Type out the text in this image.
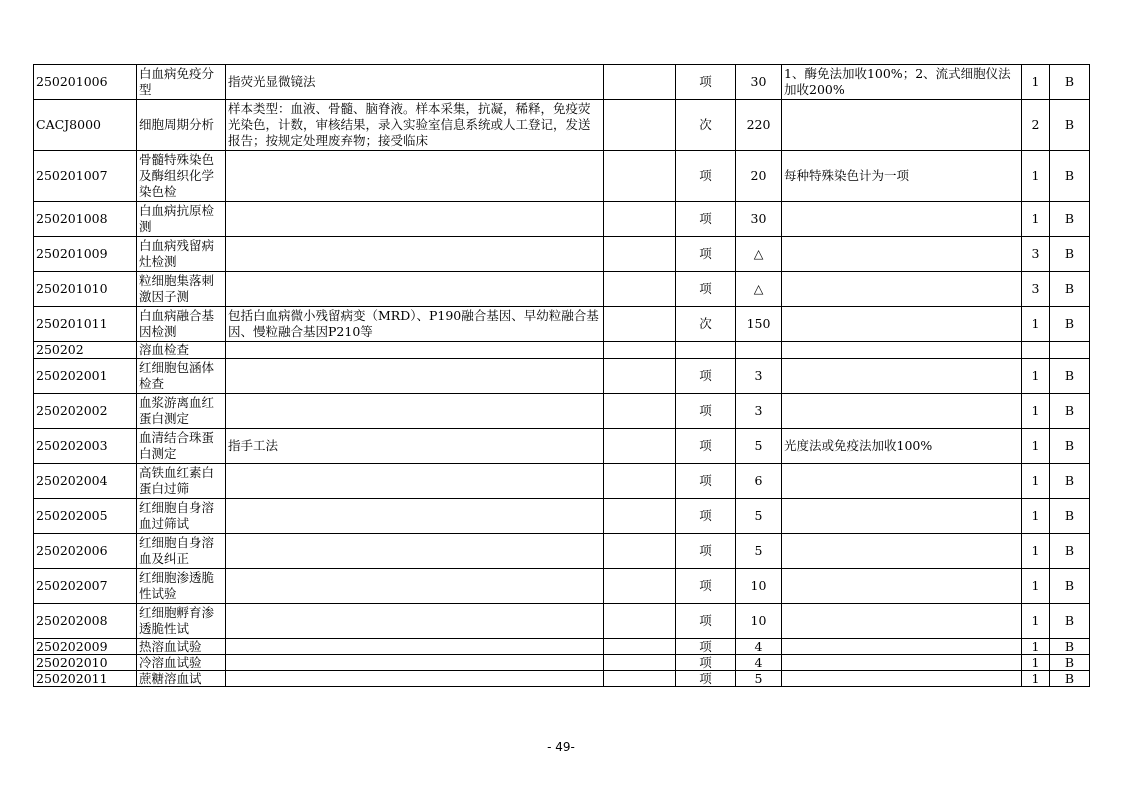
250201006	白血病免疫分型	指荧光显微镜法		项	30	1、酶免法加收100%；2、流式细胞仪法加收200%	1	B
CACJ8000	细胞周期分析	样本类型：血液、骨髓、脑脊液。样本采集，抗凝，稀释，免疫荧光染色，计数，审核结果，录入实验室信息系统或人工登记，发送报告；按规定处理废弃物；接受临床		次	220		2	B
250201007	骨髓特殊染色及酶组织化学染色检			项	20	每种特殊染色计为一项	1	B
250201008	白血病抗原检测			项	30		1	B
250201009	白血病残留病灶检测			项	△		3	B
250201010	粒细胞集落刺激因子测			项	△		3	B
250201011	白血病融合基因检测	包括白血病微小残留病变（MRD）、P190融合基因、早幼粒融合基因、慢粒融合基因P210等		次	150		1	B
250202	溶血检查							
250202001	红细胞包涵体检查			项	3		1	B
250202002	血浆游离血红蛋白测定			项	3		1	B
250202003	血清结合珠蛋白测定	指手工法		项	5	光度法或免疫法加收100%	1	B
250202004	高铁血红素白蛋白过筛			项	6		1	B
250202005	红细胞自身溶血过筛试			项	5		1	B
250202006	红细胞自身溶血及纠正			项	5		1	B
250202007	红细胞渗透脆性试验			项	10		1	B
250202008	红细胞孵育渗透脆性试			项	10		1	B
250202009	热溶血试验			项	4		1	B
250202010	冷溶血试验			项	4		1	B
250202011	蔗糖溶血试			项	5		1	B
- 49-
